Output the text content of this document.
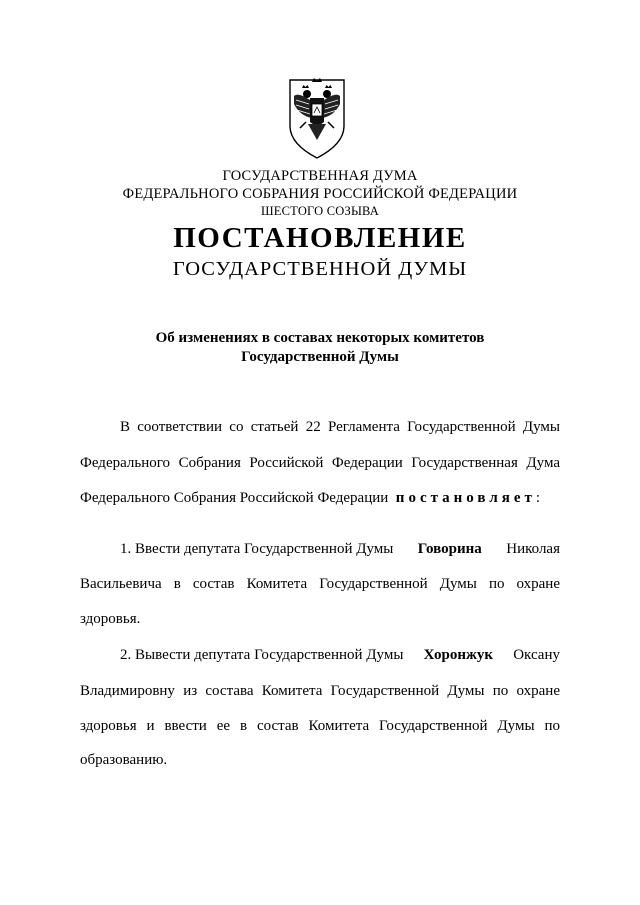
ГОСУДАРСТВЕННАЯ ДУМА
ФЕДЕРАЛЬНОГО СОБРАНИЯ РОССИЙСКОЙ ФЕДЕРАЦИИ
ШЕСТОГО СОЗЫВА
ПОСТАНОВЛЕНИЕ
ГОСУДАРСТВЕННОЙ ДУМЫ
Об изменениях в составах некоторых комитетов
Государственной Думы
В соответствии со статьей 22 Регламента Государственной Думы
Федерального Собрания Российской Федерации Государственная Дума
Федерального Собрания Российской Федерации постановляет:
1. Ввести депутата Государственной Думы Говорина Николая
Васильевича в состав Комитета Государственной Думы по охране
здоровья.
2. Вывести депутата Государственной Думы Хоронжук Оксану
Владимировну из состава Комитета Государственной Думы по охране
здоровья и ввести ее в состав Комитета Государственной Думы по
образованию.
